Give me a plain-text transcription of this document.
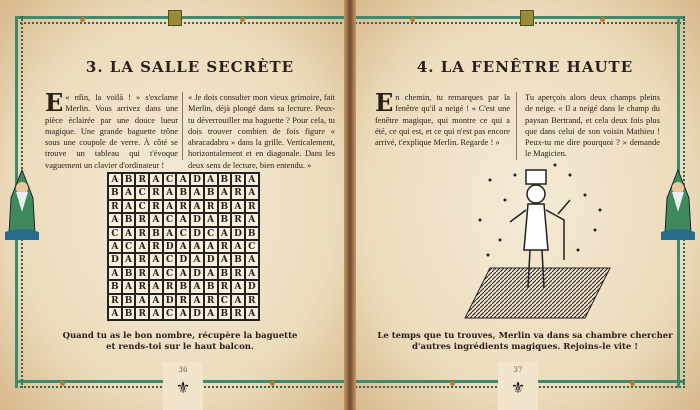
3. LA SALLE SECRÈTE
E « nfin, la voilà ! » s'exclame Merlin. Vous arrivez dans une pièce éclairée par une douce lueur magique. Une grande baguette trône sous une coupole de verre. À côté se trouve un tableau qui t'évoque vaguement un clavier d'ordinateur !
« Je dois consulter mon vieux grimoire, fait Merlin, déjà plongé dans sa lecture. Peux-tu déverrouiller ma baguette ? Pour cela, tu dois trouver combien de fois figure « abracadabra » dans la grille. Verticalement, horizontalement et en diagonale. Dans les deux sens de lecture, bien entendu. »
A B R A C A D A B R A
B A C R A B A B A R A
R A C R A R A R B A R
A B R A C A D A B R A
C A R B A C D C A D B
A C A R D A A A R A C
D A R A C D A D A B A
A B R A C A D A B R A
B A R A R B A B R A D
R B A A D R A R C A R
A B R A C A D A B R A
Quand tu as le bon nombre, récupère la baguette
et rends-toi sur le haut balcon.
36
⚜
4. LA FENÊTRE HAUTE
En chemin, tu remarques par la fenêtre qu'il a neigé ! « C'est une fenêtre magique, qui montre ce qui a été, ce qui est, et ce qui n'est pas encore arrivé, t'explique Merlin. Regarde ! »
Tu aperçois alors deux champs pleins de neige. « Il a neigé dans le champ du paysan Bertrand, et cela deux fois plus que dans celui de son voisin Mathieu ! Peux-tu me dire pourquoi ? » demande le Magicien.
Le temps que tu trouves, Merlin va dans sa chambre chercher
d'autres ingrédients magiques. Rejoins-le vite !
37
⚜
